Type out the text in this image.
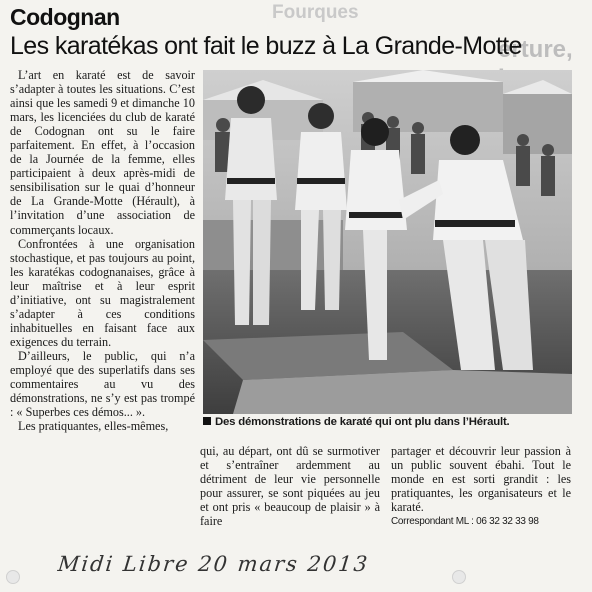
Fourques
erture,
Codognan
Les karatékas ont fait le buzz à La Grande-Motte

L’art en karaté est de savoir s’adapter à toutes les situations. C’est ainsi que les samedi 9 et dimanche 10 mars, les licenciées du club de karaté de Codognan ont su le faire parfaitement. En effet, à l’occasion de la Journée de la femme, elles participaient à deux après-midi de sensibilisation sur le quai d’honneur de La Grande-Motte (Hérault), à l’invitation d’une association de commerçants locaux.

Confrontées à une organisation stochastique, et pas toujours au point, les karatékas codognanaises, grâce à leur maîtrise et à leur esprit d’initiative, ont su magistralement s’adapter à ces conditions inhabituelles en faisant face aux exigences du terrain.

D’ailleurs, le public, qui n’a employé que des superlatifs dans ses commentaires au vu des démonstrations, ne s’y est pas trompé : « Superbes ces démos... ».

Les pratiquantes, elles-mêmes,	Des démonstrations de karaté qui ont plu dans l’Hérault.

qui, au départ, ont dû se surmotiver et s’entraîner ardemment au détriment de leur vie personnelle pour assurer, se sont piquées au jeu et ont pris « beaucoup de plaisir » à faire

partager et découvrir leur passion à un public souvent ébahi. Tout le monde en est sorti grandit : les pratiquantes, les organisateurs et le karaté.

Correspondant ML : 06 32 32 33 98
Midi Libre 20 mars 2013
